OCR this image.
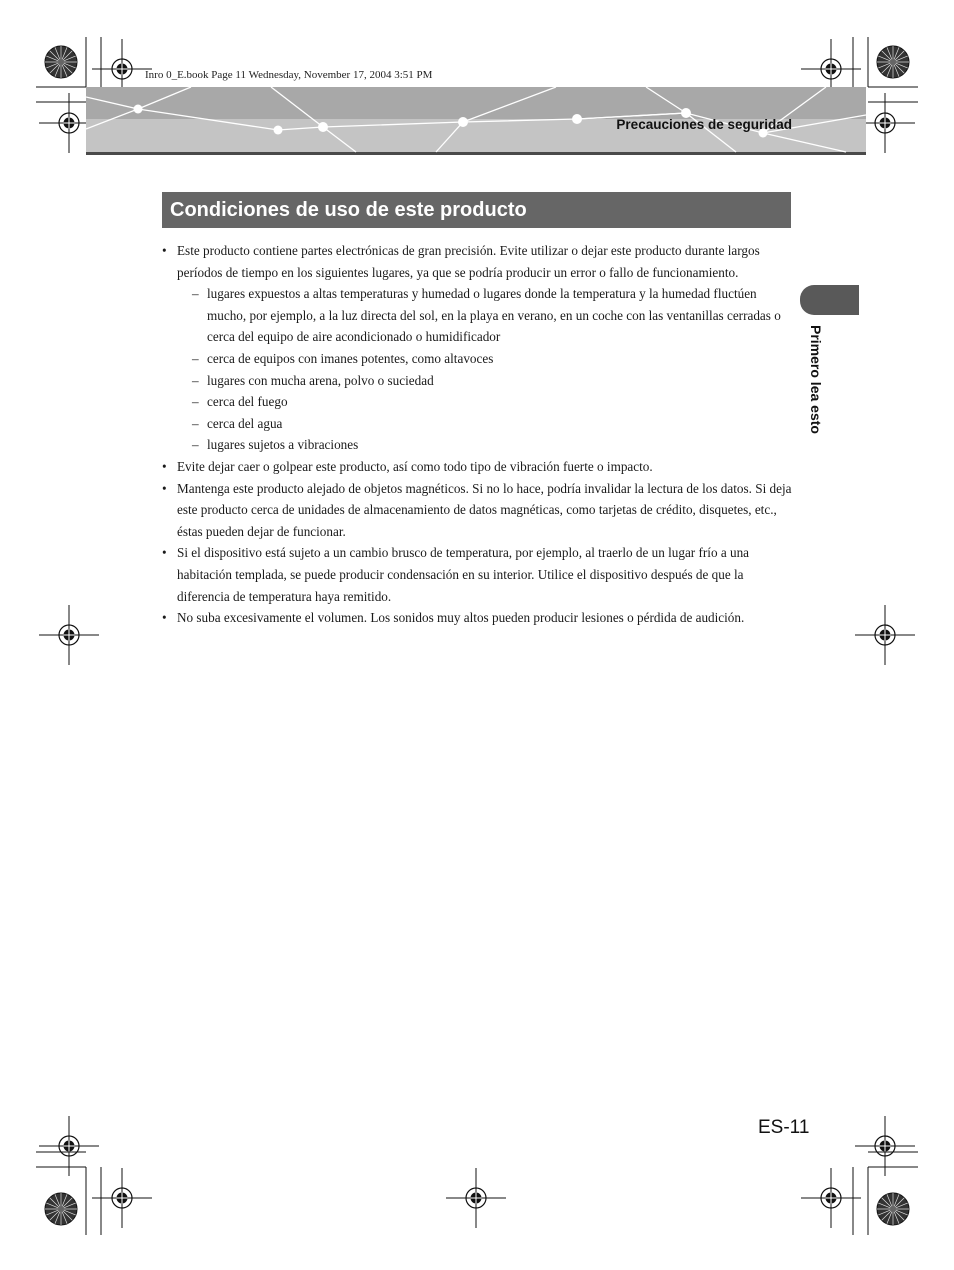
Inro 0_E.book Page 11 Wednesday, November 17, 2004 3:51 PM
Precauciones de seguridad
Condiciones de uso de este producto
Primero lea esto
• Este producto contiene partes electrónicas de gran precisión. Evite utilizar o dejar este producto durante largos períodos de tiempo en los siguientes lugares, ya que se podría producir un error o fallo de funcionamiento.
– lugares expuestos a altas temperaturas y humedad o lugares donde la temperatura y la humedad fluctúen mucho, por ejemplo, a la luz directa del sol, en la playa en verano, en un coche con las ventanillas cerradas o cerca del equipo de aire acondicionado o humidificador
– cerca de equipos con imanes potentes, como altavoces
– lugares con mucha arena, polvo o suciedad
– cerca del fuego
– cerca del agua
– lugares sujetos a vibraciones
• Evite dejar caer o golpear este producto, así como todo tipo de vibración fuerte o impacto.
• Mantenga este producto alejado de objetos magnéticos. Si no lo hace, podría invalidar la lectura de los datos. Si deja este producto cerca de unidades de almacenamiento de datos magnéticas, como tarjetas de crédito, disquetes, etc., éstas pueden dejar de funcionar.
• Si el dispositivo está sujeto a un cambio brusco de temperatura, por ejemplo, al traerlo de un lugar frío a una habitación templada, se puede producir condensación en su interior. Utilice el dispositivo después de que la diferencia de temperatura haya remitido.
• No suba excesivamente el volumen. Los sonidos muy altos pueden producir lesiones o pérdida de audición.
ES-11
